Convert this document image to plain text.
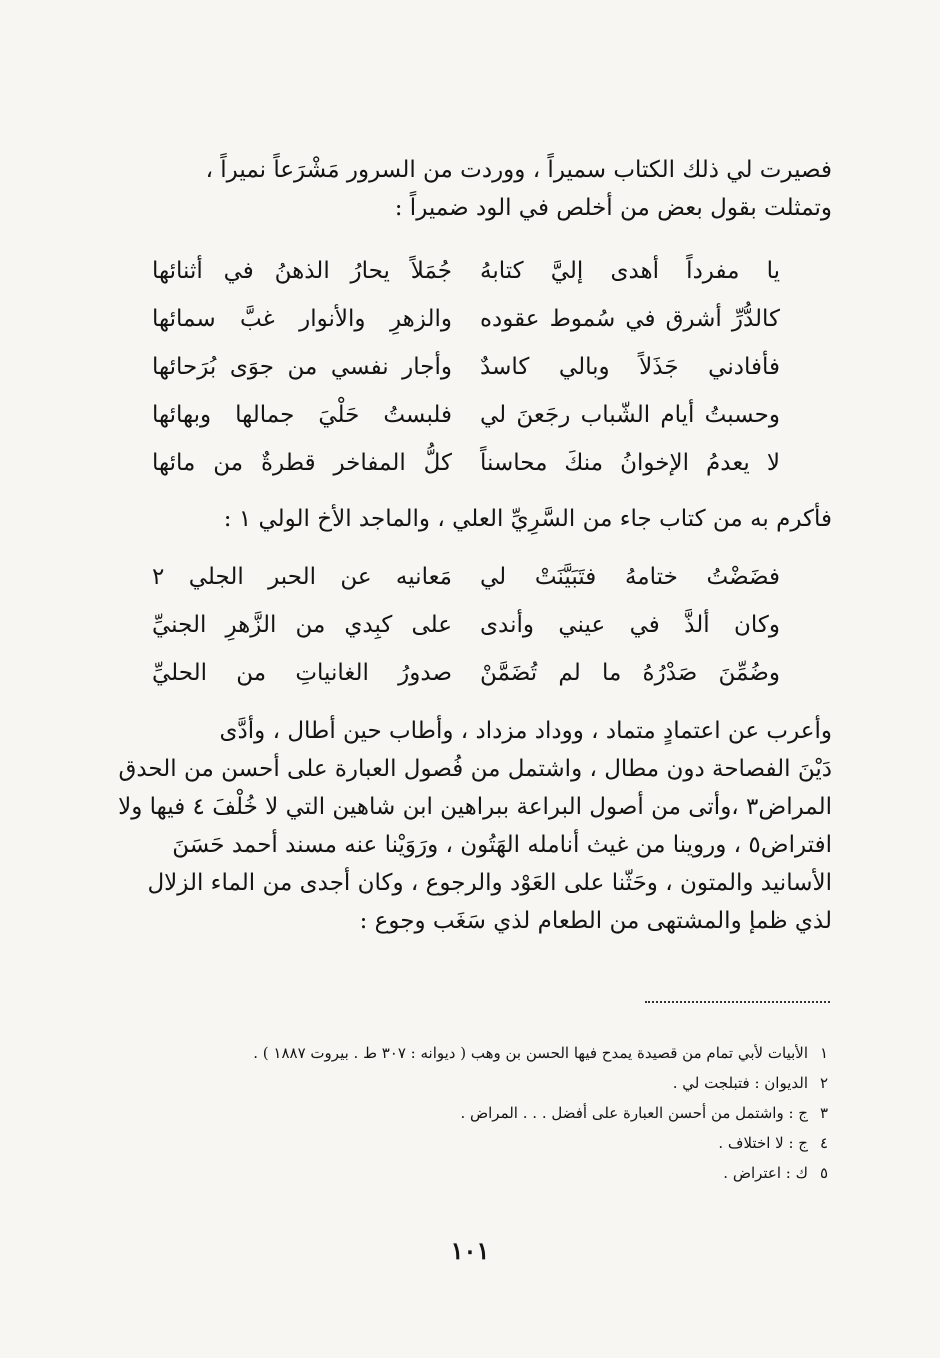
فصيرت لي ذلك الكتاب سميراً ، ووردت من السرور مَشْرَعاً نميراً ،
وتمثلت بقول بعض من أخلص في الود ضميراً :
يا مفرداً أهدى إليَّ كتابهُ
جُمَلاً يحارُ الذهنُ في أثنائها
كالدُّرِّ أشرق في سُموط عقوده
والزهرِ والأنوار غبَّ سمائها
فأفادني جَذَلاً وبالي كاسدٌ
وأجار نفسي من جوَى بُرَحائها
وحسبتُ أيام الشّباب رجَعنَ لي
فلبستُ حَلْيَ جمالها وبهائها
لا يعدمُ الإخوانُ منكَ محاسناً
كلُّ المفاخر قطرةٌ من مائها
فأكرم به من كتاب جاء من السَّرِيِّ العلي ، والماجد الأخ الولي ١ :
فضَضْتُ ختامهُ فتَبَيَّنَتْ لي
مَعانيه عن الحبر الجلي ٢
وكان ألذَّ في عيني وأندى
على كبِدي من الزَّهرِ الجنيِّ
وضُمِّنَ صَدْرُهُ ما لم تُضَمَّنْ
صدورُ الغانياتِ من الحليِّ
وأعرب عن اعتمادٍ متماد ، ووداد مزداد ، وأطاب حين أطال ، وأدَّى
دَيْنَ الفصاحة دون مطال ، واشتمل من فُصول العبارة على أحسن من الحدق
المراض٣ ،وأتى من أصول البراعة ببراهين ابن شاهين التي لا خُلْفَ ٤ فيها ولا
افتراض٥ ، وروينا من غيث أنامله الهَتُون ، ورَوَيْنا عنه مسند أحمد حَسَنَ
الأسانيد والمتون ، وحَثّنا على العَوْد والرجوع ، وكان أجدى من الماء الزلال
لذي ظمإ والمشتهى من الطعام لذي سَغَب وجوع :
١
الأبيات لأبي تمام من قصيدة يمدح فيها الحسن بن وهب ( ديوانه : ٣٠٧ ط . بيروت ١٨٨٧ ) .
٢
الديوان : فتبلجت لي .
٣
ج : واشتمل من أحسن العبارة على أفضل . . . المراض .
٤
ج : لا اختلاف .
٥
ك : اعتراض .
١٠١
